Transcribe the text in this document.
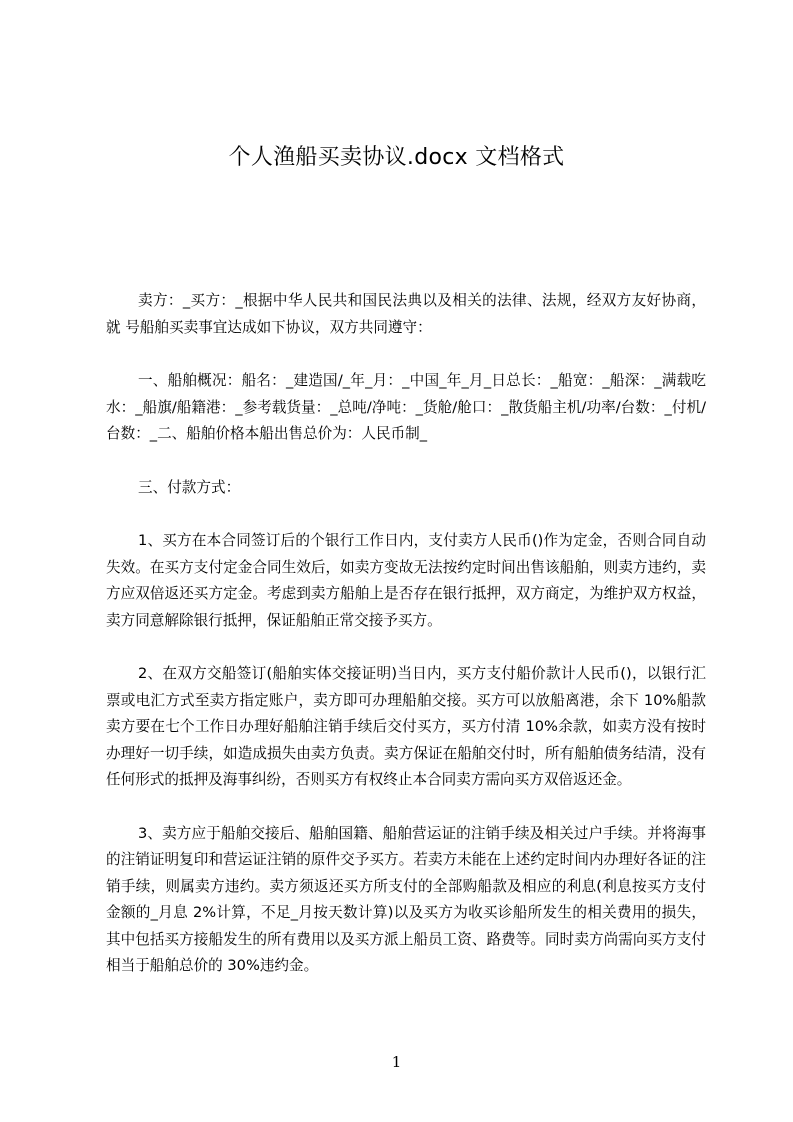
个人渔船买卖协议.docx 文档格式

卖方：_买方：_根据中华人民共和国民法典以及相关的法律、法规，经双方友好协商，就 号船舶买卖事宜达成如下协议，双方共同遵守：

一、船舶概况：船名：_建造国/_年_月：_中国_年_月_日总长：_船宽：_船深：_满载吃水：_船旗/船籍港：_参考载货量：_总吨/净吨：_货舱/舱口：_散货船主机/功率/台数：_付机/台数：_二、船舶价格本船出售总价为：人民币制_

三、付款方式：

1、买方在本合同签订后的个银行工作日内，支付卖方人民币()作为定金，否则合同自动失效。在买方支付定金合同生效后，如卖方变故无法按约定时间出售该船舶，则卖方违约，卖方应双倍返还买方定金。考虑到卖方船舶上是否存在银行抵押，双方商定，为维护双方权益，卖方同意解除银行抵押，保证船舶正常交接予买方。

2、在双方交船签订(船舶实体交接证明)当日内，买方支付船价款计人民币()，以银行汇票或电汇方式至卖方指定账户，卖方即可办理船舶交接。买方可以放船离港，余下 10%船款卖方要在七个工作日办理好船舶注销手续后交付买方，买方付清 10%余款，如卖方没有按时办理好一切手续，如造成损失由卖方负责。卖方保证在船舶交付时，所有船舶债务结清，没有任何形式的抵押及海事纠纷，否则买方有权终止本合同卖方需向买方双倍返还金。

3、卖方应于船舶交接后、船舶国籍、船舶营运证的注销手续及相关过户手续。并将海事的注销证明复印和营运证注销的原件交予买方。若卖方未能在上述约定时间内办理好各证的注销手续，则属卖方违约。卖方须返还买方所支付的全部购船款及相应的利息(利息按买方支付金额的_月息 2%计算，不足_月按天数计算)以及买方为收买诊船所发生的相关费用的损失，其中包括买方接船发生的所有费用以及买方派上船员工资、路费等。同时卖方尚需向买方支付相当于船舶总价的 30%违约金。

1
